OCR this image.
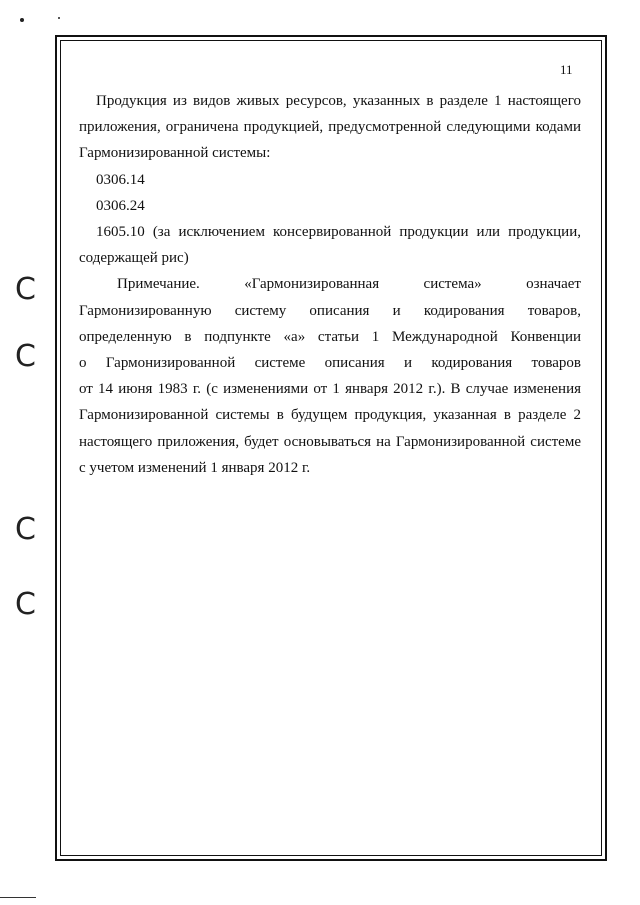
C
C
C
C
11
Продукция из видов живых ресурсов, указанных в разделе 1 настоящего
приложения, ограничена продукцией, предусмотренной следующими кодами
Гармонизированной системы:
0306.14
0306.24
1605.10 (за исключением консервированной продукции или продукции,
содержащей рис)
Примечание. «Гармонизированная система» означает
Гармонизированную систему описания и кодирования товаров,
определенную в подпункте «а» статьи 1 Международной Конвенции
о Гармонизированной системе описания и кодирования товаров
от 14 июня 1983 г. (с изменениями от 1 января 2012 г.). В случае изменения
Гармонизированной системы в будущем продукция, указанная в разделе 2
настоящего приложения, будет основываться на Гармонизированной системе
с учетом изменений 1 января 2012 г.
